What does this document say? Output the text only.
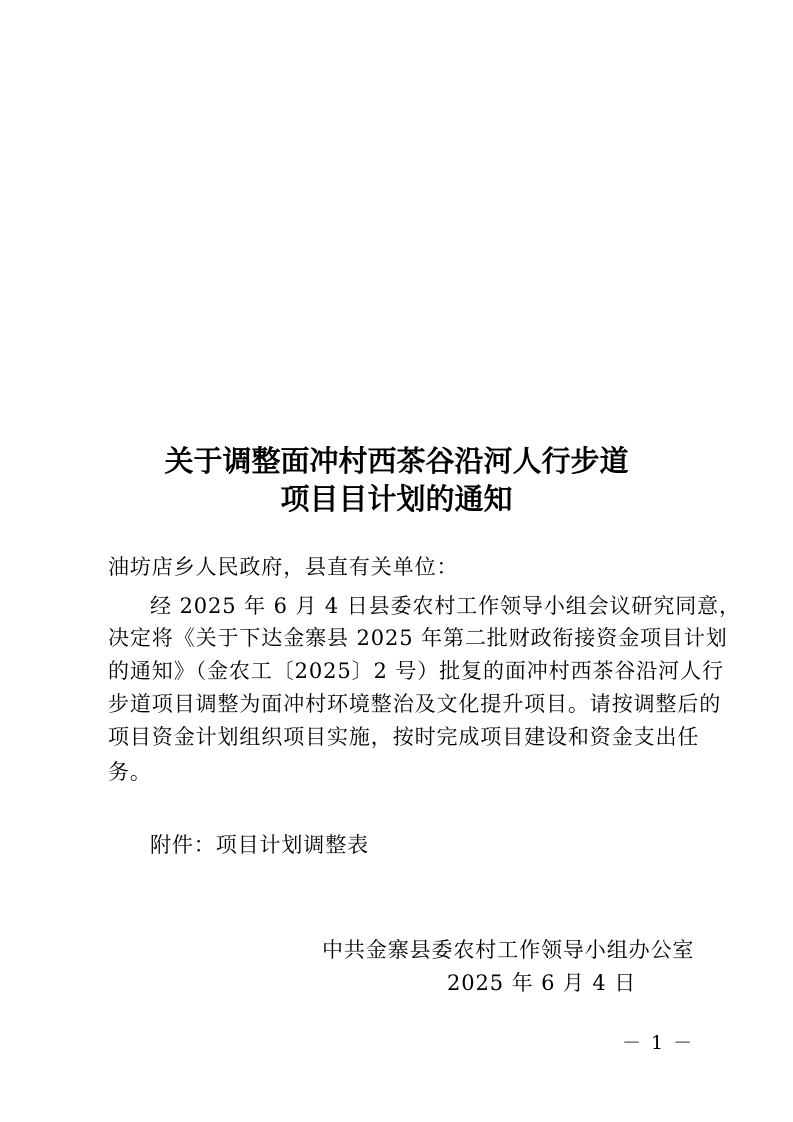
关于调整面冲村西茶谷沿河人行步道
项目目计划的通知
油坊店乡人民政府，县直有关单位：
经 2025 年 6 月 4 日县委农村工作领导小组会议研究同意，
决定将《关于下达金寨县 2025 年第二批财政衔接资金项目计划
的通知》（金农工〔2025〕2 号）批复的面冲村西茶谷沿河人行
步道项目调整为面冲村环境整治及文化提升项目。请按调整后的
项目资金计划组织项目实施，按时完成项目建设和资金支出任
务。
附件：项目计划调整表
中共金寨县委农村工作领导小组办公室
2025 年 6 月 4 日
－ 1 －
